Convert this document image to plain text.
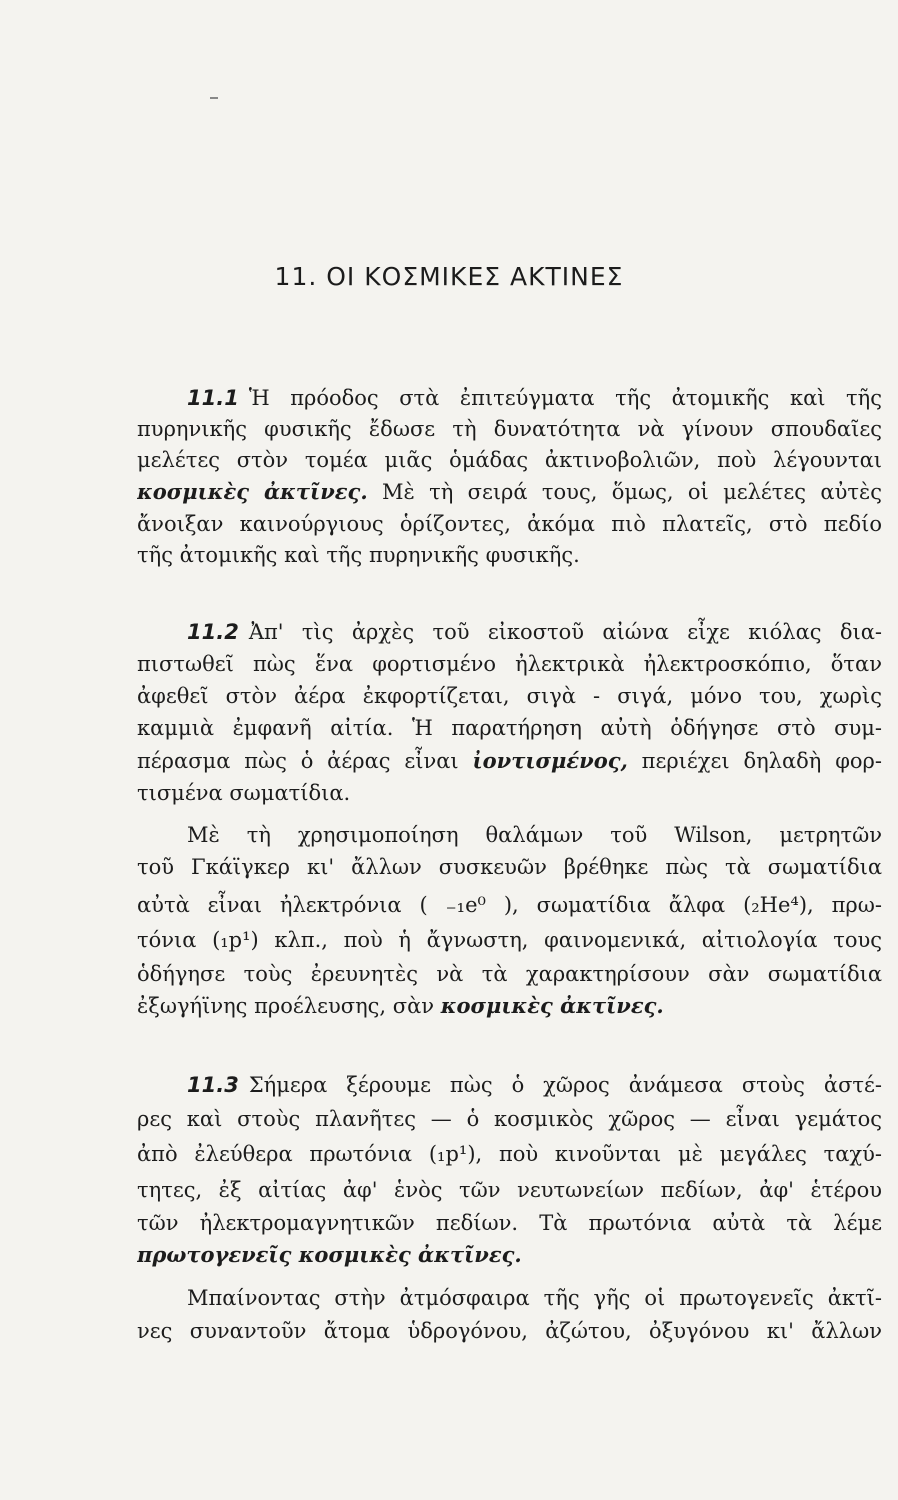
11. ΟΙ ΚΟΣΜΙΚΕΣ ΑΚΤΙΝΕΣ
11.1 Ἡ πρόοδος στὰ ἐπιτεύγματα τῆς ἀτομικῆς καὶ τῆς
πυρηνικῆς φυσικῆς ἔδωσε τὴ δυνατότητα νὰ γίνουν σπουδαῖες
μελέτες στὸν τομέα μιᾶς ὁμάδας ἀκτινοβολιῶν, ποὺ λέγουνται
κοσμικὲς ἀκτῖνες. Μὲ τὴ σειρά τους, ὅμως, οἱ μελέτες αὐτὲς
ἄνοιξαν καινούργιους ὁρίζοντες, ἀκόμα πιὸ πλατεῖς, στὸ πεδίο
τῆς ἀτομικῆς καὶ τῆς πυρηνικῆς φυσικῆς.
11.2 Ἀπ' τὶς ἀρχὲς τοῦ εἰκοστοῦ αἰώνα εἶχε κιόλας δια-
πιστωθεῖ πὼς ἕνα φορτισμένο ἠλεκτρικὰ ἠλεκτροσκόπιο, ὅταν
ἀφεθεῖ στὸν ἀέρα ἐκφορτίζεται, σιγὰ - σιγά, μόνο του, χωρὶς
καμμιὰ ἐμφανῆ αἰτία. Ἡ παρατήρηση αὐτὴ ὁδήγησε στὸ συμ-
πέρασμα πὼς ὁ ἀέρας εἶναι ἰοντισμένος, περιέχει δηλαδὴ φορ-
τισμένα σωματίδια.
Μὲ τὴ χρησιμοποίηση θαλάμων τοῦ Wilson, μετρητῶν
τοῦ Γκάϊγκερ κι' ἄλλων συσκευῶν βρέθηκε πὼς τὰ σωματίδια
αὐτὰ εἶναι ἠλεκτρόνια ( ₋₁e⁰ ), σωματίδια ἄλφα (₂He⁴), πρω-
τόνια (₁p¹) κλπ., ποὺ ἡ ἄγνωστη, φαινομενικά, αἰτιολογία τους
ὁδήγησε τοὺς ἐρευνητὲς νὰ τὰ χαρακτηρίσουν σὰν σωματίδια
ἐξωγήϊνης προέλευσης, σὰν κοσμικὲς ἀκτῖνες.
11.3 Σήμερα ξέρουμε πὼς ὁ χῶρος ἀνάμεσα στοὺς ἀστέ-
ρες καὶ στοὺς πλανῆτες — ὁ κοσμικὸς χῶρος — εἶναι γεμάτος
ἀπὸ ἐλεύθερα πρωτόνια (₁p¹), ποὺ κινοῦνται μὲ μεγάλες ταχύ-
τητες, ἐξ αἰτίας ἀφ' ἑνὸς τῶν νευτωνείων πεδίων, ἀφ' ἑτέρου
τῶν ἠλεκτρομαγνητικῶν πεδίων. Τὰ πρωτόνια αὐτὰ τὰ λέμε
πρωτογενεῖς κοσμικὲς ἀκτῖνες.
Μπαίνοντας στὴν ἀτμόσφαιρα τῆς γῆς οἱ πρωτογενεῖς ἀκτῖ-
νες συναντοῦν ἄτομα ὑδρογόνου, ἀζώτου, ὀξυγόνου κι' ἄλλων
